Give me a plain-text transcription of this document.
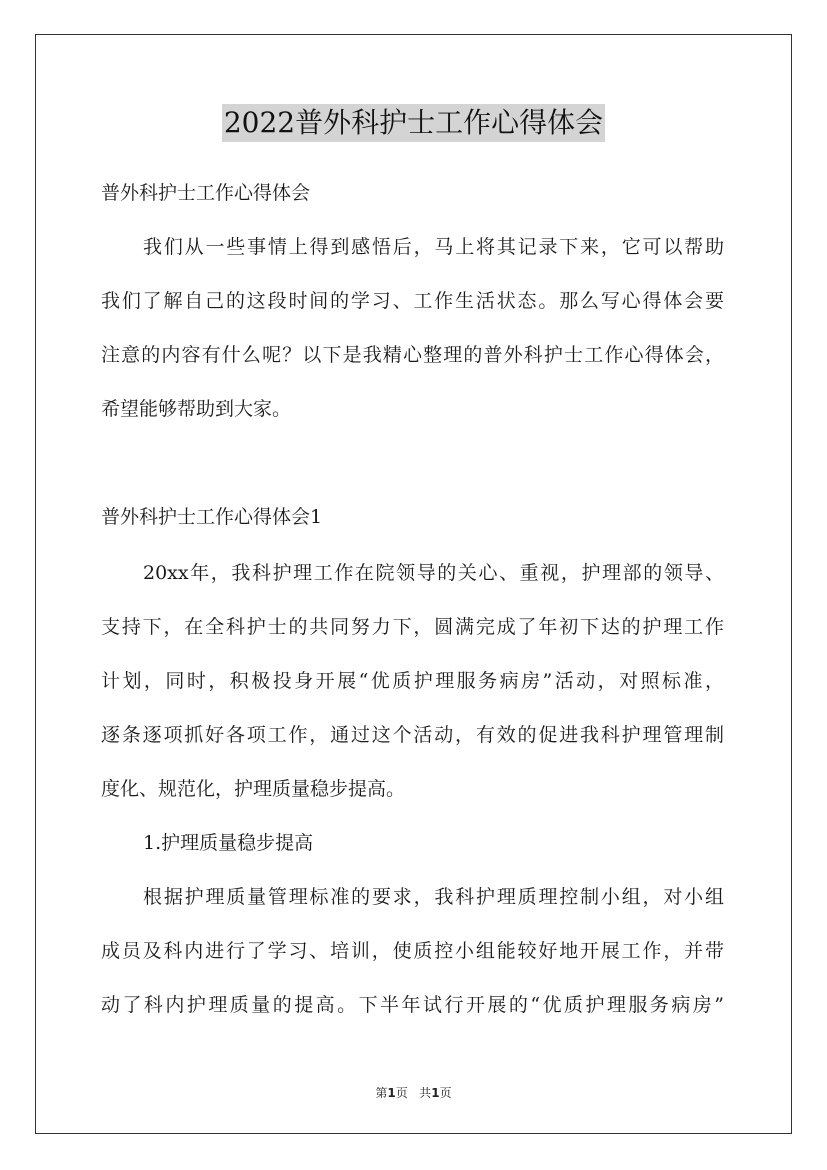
2022普外科护士工作心得体会
普外科护士工作心得体会
我们从一些事情上得到感悟后，马上将其记录下来，它可以帮助
我们了解自己的这段时间的学习、工作生活状态。那么写心得体会要
注意的内容有什么呢？以下是我精心整理的普外科护士工作心得体会，
希望能够帮助到大家。
普外科护士工作心得体会1
20xx年，我科护理工作在院领导的关心、重视，护理部的领导、
支持下，在全科护士的共同努力下，圆满完成了年初下达的护理工作
计划，同时，积极投身开展“优质护理服务病房”活动，对照标准，
逐条逐项抓好各项工作，通过这个活动，有效的促进我科护理管理制
度化、规范化，护理质量稳步提高。
1.护理质量稳步提高
根据护理质量管理标准的要求，我科护理质理控制小组，对小组
成员及科内进行了学习、培训，使质控小组能较好地开展工作，并带
动了科内护理质量的提高。下半年试行开展的“优质护理服务病房”
第1页 共1页
